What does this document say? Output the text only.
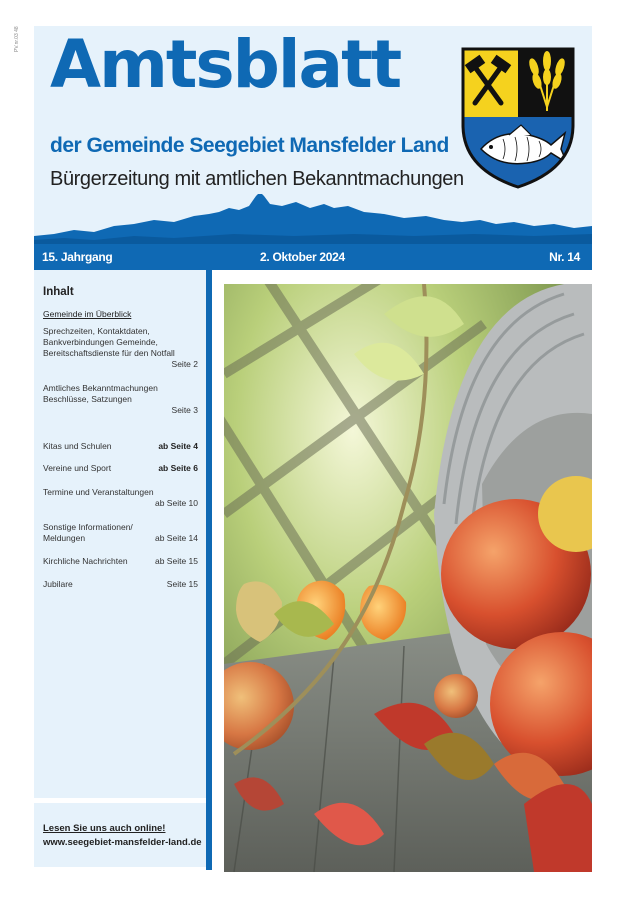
PV.nr.03 48 Amtsblatt
der Gemeinde Seegebiet Mansfelder Land
Bürgerzeitung mit amtlichen Bekanntmachungen
15. Jahrgang	2. Oktober 2024	Nr. 14
Inhalt
Gemeinde im Überblick
Sprechzeiten, Kontaktdaten, Bankverbindungen Gemeinde, Bereitschaftsdienste für den Notfall
Seite 2
Amtliches Bekanntmachungen Beschlüsse, Satzungen
Seite 3
Kitas und Schulen	ab Seite 4
Vereine und Sport	ab Seite 6
Termine und Veranstaltungen
ab Seite 10
Sonstige Informationen/ Meldungen	ab Seite 14
Kirchliche Nachrichten	ab Seite 15
Jubilare	Seite 15
Lesen Sie uns auch online!
www.seegebiet-mansfelder-land.de
